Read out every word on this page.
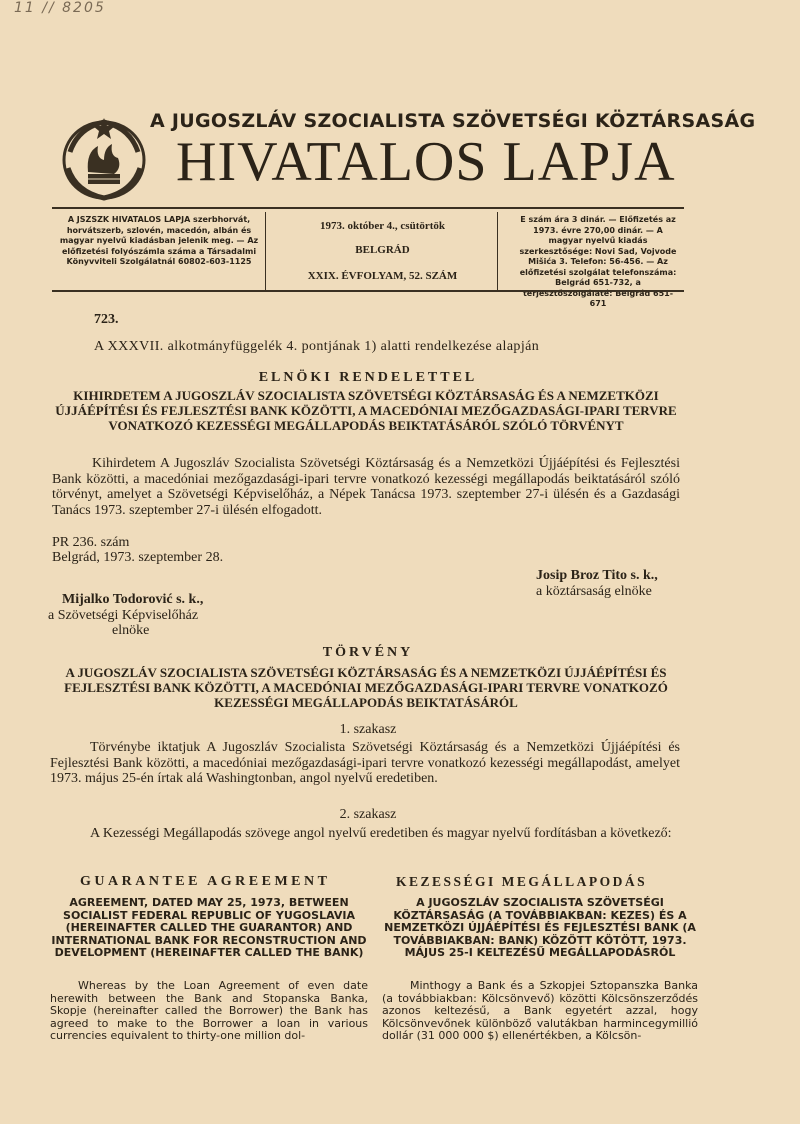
11 // 8205
A JUGOSZLÁV SZOCIALISTA SZÖVETSÉGI KÖZTÁRSASÁG
HIVATALOS LAPJA
A JSZSZK HIVATALOS LAPJA szerbhorvát, horvátszerb, szlovén, macedón, albán és magyar nyelvű kiadásban jelenik meg. — Az előfizetési folyószámla száma a Társadalmi Könyvviteli Szolgálatnál 60802-603-1125
1973. október 4., csütörtök
BELGRÁD
XXIX. ÉVFOLYAM, 52. SZÁM
E szám ára 3 dinár. — Előfizetés az 1973. évre 270,00 dinár. — A magyar nyelvű kiadás szerkesztősége: Novi Sad, Vojvode Mišića 3. Telefon: 56-456. — Az előfizetési szolgálat telefonszáma: Belgrád 651-732, a terjesztőszolgálaté: Belgrád 651-671
723.
A XXXVII. alkotmányfüggelék 4. pontjának 1) alatti rendelkezése alapján
ELNÖKI RENDELETTEL
KIHIRDETEM A JUGOSZLÁV SZOCIALISTA SZÖVETSÉGI KÖZTÁRSASÁG ÉS A NEMZETKÖZI ÚJJÁÉPÍTÉSI ÉS FEJLESZTÉSI BANK KÖZÖTTI, A MACEDÓNIAI MEZŐGAZDASÁGI-IPARI TERVRE VONATKOZÓ KEZESSÉGI MEGÁLLAPODÁS BEIKTATÁSÁRÓL SZÓLÓ TÖRVÉNYT
Kihirdetem A Jugoszláv Szocialista Szövetségi Köztársaság és a Nemzetközi Újjáépítési és Fejlesztési Bank közötti, a macedóniai mezőgazdasági-ipari tervre vonatkozó kezességi megállapodás beiktatásáról szóló törvényt, amelyet a Szövetségi Képviselőház, a Népek Tanácsa 1973. szeptember 27-i ülésén és a Gazdasági Tanács 1973. szeptember 27-i ülésén elfogadott.
PR 236. szám
Belgrád, 1973. szeptember 28.
Josip Broz Tito s. k.,
a köztársaság elnöke
Mijalko Todorović s. k.,
a Szövetségi Képviselőház
elnöke
TÖRVÉNY
A JUGOSZLÁV SZOCIALISTA SZÖVETSÉGI KÖZTÁRSASÁG ÉS A NEMZETKÖZI ÚJJÁÉPÍTÉSI ÉS FEJLESZTÉSI BANK KÖZÖTTI, A MACEDÓNIAI MEZŐGAZDASÁGI-IPARI TERVRE VONATKOZÓ KEZESSÉGI MEGÁLLAPODÁS BEIKTATÁSÁRÓL
1. szakasz
Törvénybe iktatjuk A Jugoszláv Szocialista Szövetségi Köztársaság és a Nemzetközi Újjáépítési és Fejlesztési Bank közötti, a macedóniai mezőgazdasági-ipari tervre vonatkozó kezességi megállapodást, amelyet 1973. május 25-én írtak alá Washingtonban, angol nyelvű eredetiben.
2. szakasz
A Kezességi Megállapodás szövege angol nyelvű eredetiben és magyar nyelvű fordításban a következő:
GUARANTEE AGREEMENT	KEZESSÉGI MEGÁLLAPODÁS
AGREEMENT, DATED MAY 25, 1973, BETWEEN SOCIALIST FEDERAL REPUBLIC OF YUGOSLAVIA (HEREINAFTER CALLED THE GUARANTOR) AND INTERNATIONAL BANK FOR RECONSTRUCTION AND DEVELOPMENT (HEREINAFTER CALLED THE BANK)
A JUGOSZLÁV SZOCIALISTA SZÖVETSÉGI KÖZTÁRSASÁG (A TOVÁBBIAKBAN: KEZES) ÉS A NEMZETKÖZI ÚJJÁÉPÍTÉSI ÉS FEJLESZTÉSI BANK (A TOVÁBBIAKBAN: BANK) KÖZÖTT KÖTÖTT, 1973. MÁJUS 25-I KELTEZÉSŰ MEGÁLLAPODÁSRÓL
Whereas by the Loan Agreement of even date herewith between the Bank and Stopanska Banka, Skopje (hereinafter called the Borrower) the Bank has agreed to make to the Borrower a loan in various currencies equivalent to thirty-one million dol-
Minthogy a Bank és a Szkopjei Sztopanszka Banka (a továbbiakban: Kölcsönvevő) közötti Kölcsönszerződés azonos keltezésű, a Bank egyetért azzal, hogy Kölcsönvevőnek különböző valutákban harmincegymillió dollár (31 000 000 $) ellenértékben, a Kölcsön-
